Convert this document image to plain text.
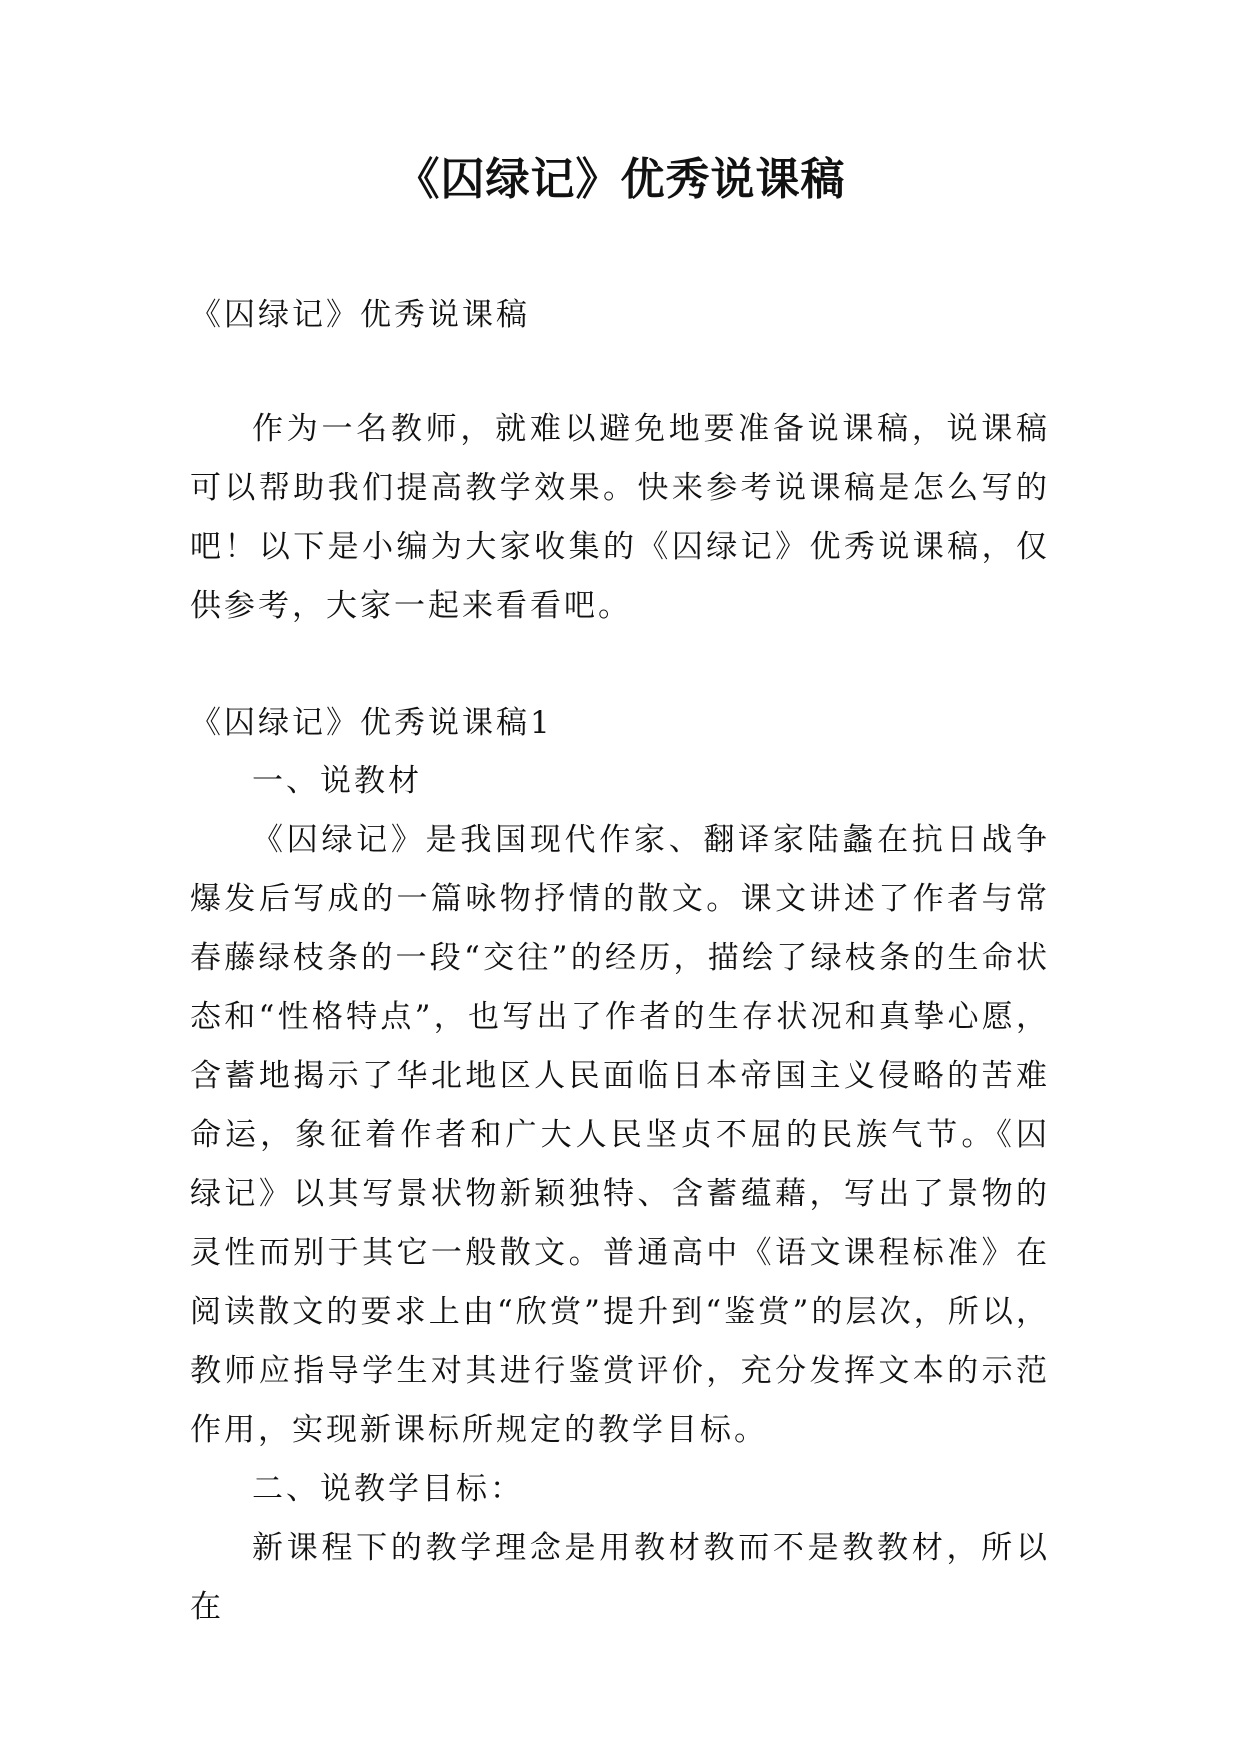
《囚绿记》优秀说课稿
《囚绿记》优秀说课稿

作为一名教师，就难以避免地要准备说课稿，说课稿可以帮助我们提高教学效果。快来参考说课稿是怎么写的吧！以下是小编为大家收集的《囚绿记》优秀说课稿，仅供参考，大家一起来看看吧。

《囚绿记》优秀说课稿1

一、说教材

《囚绿记》是我国现代作家、翻译家陆蠡在抗日战争爆发后写成的一篇咏物抒情的散文。课文讲述了作者与常春藤绿枝条的一段“交往”的经历，描绘了绿枝条的生命状态和“性格特点”，也写出了作者的生存状况和真挚心愿，含蓄地揭示了华北地区人民面临日本帝国主义侵略的苦难命运，象征着作者和广大人民坚贞不屈的民族气节。《囚绿记》以其写景状物新颖独特、含蓄蕴藉，写出了景物的灵性而别于其它一般散文。普通高中《语文课程标准》在阅读散文的要求上由“欣赏”提升到“鉴赏”的层次，所以，教师应指导学生对其进行鉴赏评价，充分发挥文本的示范作用，实现新课标所规定的教学目标。

二、说教学目标：

新课程下的教学理念是用教材教而不是教教材，所以在
